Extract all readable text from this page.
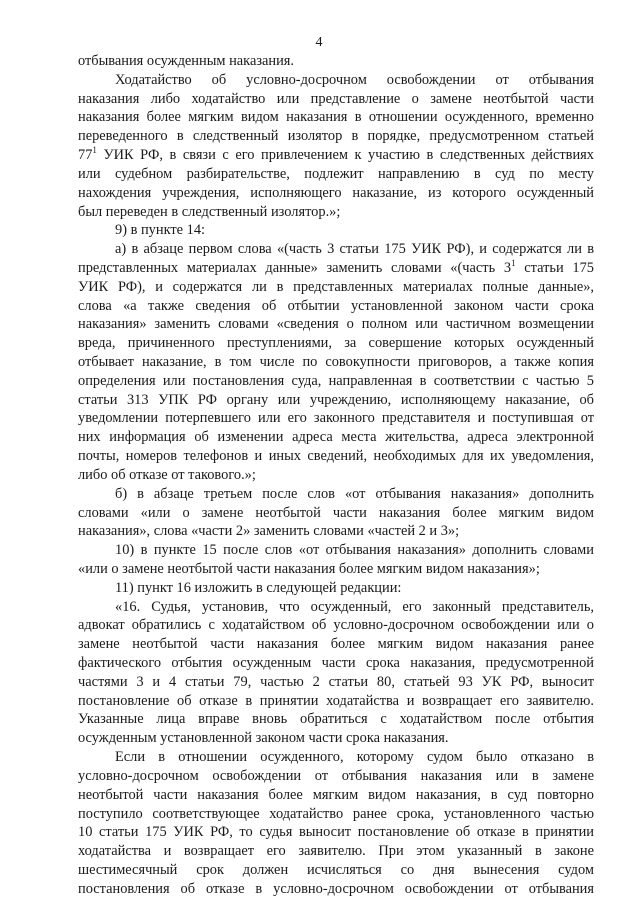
4
отбывания осужденным наказания.
Ходатайство об условно-досрочном освобождении от отбывания
наказания либо ходатайство или представление о замене неотбытой части
наказания более мягким видом наказания в отношении осужденного, временно
переведенного в следственный изолятор в порядке, предусмотренном статьей
$77^1$ УИК РФ, в связи с его привлечением к участию в следственных действиях
или судебном разбирательстве, подлежит направлению в суд по месту
нахождения учреждения, исполняющего наказание, из которого осужденный
был переведен в следственный изолятор.»;
9) в пункте 14:
а) в абзаце первом слова «(часть 3 статьи 175 УИК РФ), и содержатся ли в
представленных материалах данные» заменить словами «(часть $3^1$ статьи 175
УИК РФ), и содержатся ли в представленных материалах полные данные»,
слова «а также сведения об отбытии установленной законом части срока
наказания» заменить словами «сведения о полном или частичном возмещении
вреда, причиненного преступлениями, за совершение которых осужденный
отбывает наказание, в том числе по совокупности приговоров, а также копия
определения или постановления суда, направленная в соответствии с частью 5
статьи 313 УПК РФ органу или учреждению, исполняющему наказание, об
уведомлении потерпевшего или его законного представителя и поступившая от
них информация об изменении адреса места жительства, адреса электронной
почты, номеров телефонов и иных сведений, необходимых для их уведомления,
либо об отказе от такового.»;
б) в абзаце третьем после слов «от отбывания наказания» дополнить
словами «или о замене неотбытой части наказания более мягким видом
наказания», слова «части 2» заменить словами «частей 2 и 3»;
10) в пункте 15 после слов «от отбывания наказания» дополнить словами
«или о замене неотбытой части наказания более мягким видом наказания»;
11) пункт 16 изложить в следующей редакции:
«16. Судья, установив, что осужденный, его законный представитель,
адвокат обратились с ходатайством об условно-досрочном освобождении или о
замене неотбытой части наказания более мягким видом наказания ранее
фактического отбытия осужденным части срока наказания, предусмотренной
частями 3 и 4 статьи 79, частью 2 статьи 80, статьей 93 УК РФ, выносит
постановление об отказе в принятии ходатайства и возвращает его заявителю.
Указанные лица вправе вновь обратиться с ходатайством после отбытия
осужденным установленной законом части срока наказания.
Если в отношении осужденного, которому судом было отказано в
условно-досрочном освобождении от отбывания наказания или в замене
неотбытой части наказания более мягким видом наказания, в суд повторно
поступило соответствующее ходатайство ранее срока, установленного частью
10 статьи 175 УИК РФ, то судья выносит постановление об отказе в принятии
ходатайства и возвращает его заявителю. При этом указанный в законе
шестимесячный срок должен исчисляться со дня вынесения судом
постановления об отказе в условно-досрочном освобождении от отбывания
